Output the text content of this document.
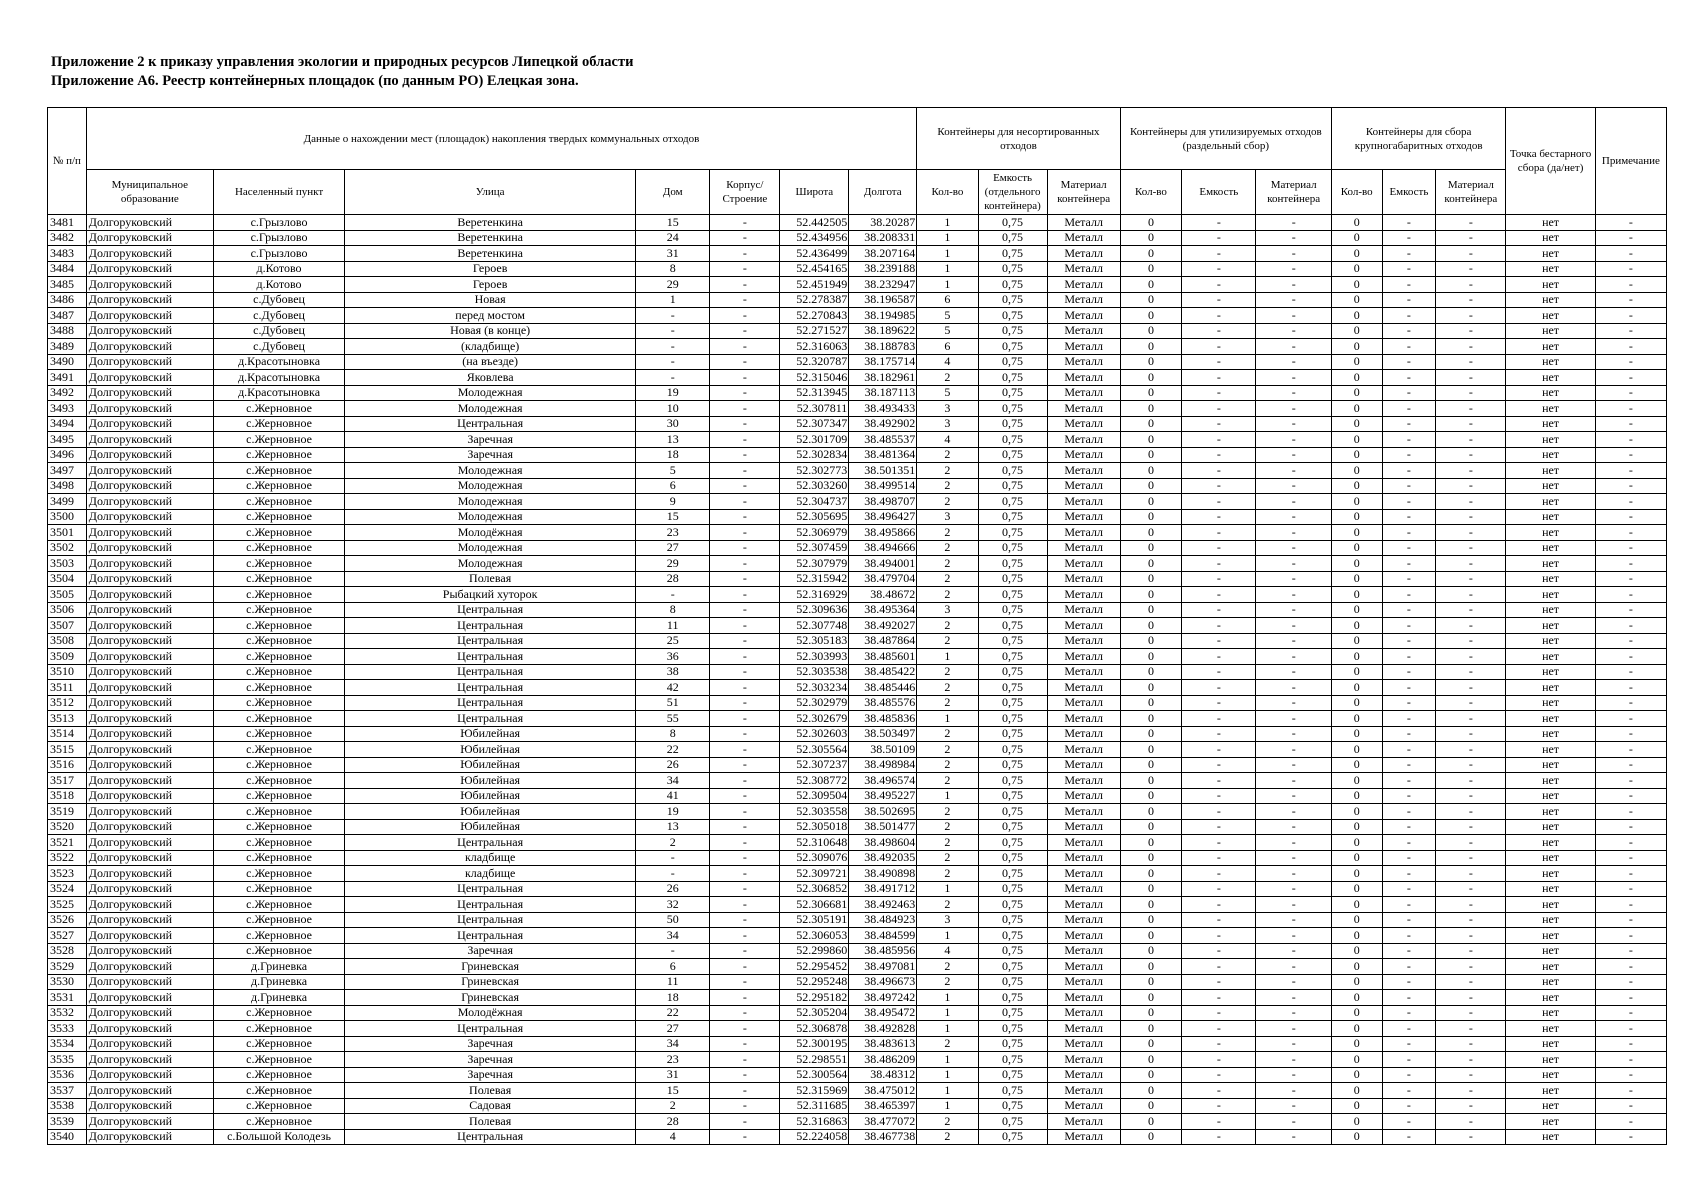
Приложение 2 к приказу управления экологии и природных ресурсов Липецкой области
Приложение А6. Реестр контейнерных площадок (по данным РО) Елецкая зона.
№ п/п	Данные о нахождении мест (площадок) накопления твердых коммунальных отходов							Контейнеры для несортированных отходов			Контейнеры для утилизируемых отходов (раздельный сбор)			Контейнеры для сбора крупногабаритных отходов			Точка бестарного сбора (да/нет)	Примечание
	Муниципальное образование	Населенный пункт	Улица	Дом	Корпус/ Строение	Широта	Долгота	Кол-во	Емкость (отдельного контейнера)	Материал контейнера	Кол-во	Емкость	Материал контейнера	Кол-во	Емкость	Материал контейнера		
3481	Долгоруковский	с.Грызлово	Веретенкина	15	-	52.442505	38.20287	1	0,75	Металл	0	-	-	0	-	-	нет	-
3482	Долгоруковский	с.Грызлово	Веретенкина	24	-	52.434956	38.208331	1	0,75	Металл	0	-	-	0	-	-	нет	-
3483	Долгоруковский	с.Грызлово	Веретенкина	31	-	52.436499	38.207164	1	0,75	Металл	0	-	-	0	-	-	нет	-
3484	Долгоруковский	д.Котово	Героев	8	-	52.454165	38.239188	1	0,75	Металл	0	-	-	0	-	-	нет	-
3485	Долгоруковский	д.Котово	Героев	29	-	52.451949	38.232947	1	0,75	Металл	0	-	-	0	-	-	нет	-
3486	Долгоруковский	с.Дубовец	Новая	1	-	52.278387	38.196587	6	0,75	Металл	0	-	-	0	-	-	нет	-
3487	Долгоруковский	с.Дубовец	перед мостом	-	-	52.270843	38.194985	5	0,75	Металл	0	-	-	0	-	-	нет	-
3488	Долгоруковский	с.Дубовец	Новая (в конце)	-	-	52.271527	38.189622	5	0,75	Металл	0	-	-	0	-	-	нет	-
3489	Долгоруковский	с.Дубовец	(кладбище)	-	-	52.316063	38.188783	6	0,75	Металл	0	-	-	0	-	-	нет	-
3490	Долгоруковский	д.Красотыновка	(на въезде)	-	-	52.320787	38.175714	4	0,75	Металл	0	-	-	0	-	-	нет	-
3491	Долгоруковский	д.Красотыновка	Яковлева	-	-	52.315046	38.182961	2	0,75	Металл	0	-	-	0	-	-	нет	-
3492	Долгоруковский	д.Красотыновка	Молодежная	19	-	52.313945	38.187113	5	0,75	Металл	0	-	-	0	-	-	нет	-
3493	Долгоруковский	с.Жерновное	Молодежная	10	-	52.307811	38.493433	3	0,75	Металл	0	-	-	0	-	-	нет	-
3494	Долгоруковский	с.Жерновное	Центральная	30	-	52.307347	38.492902	3	0,75	Металл	0	-	-	0	-	-	нет	-
3495	Долгоруковский	с.Жерновное	Заречная	13	-	52.301709	38.485537	4	0,75	Металл	0	-	-	0	-	-	нет	-
3496	Долгоруковский	с.Жерновное	Заречная	18	-	52.302834	38.481364	2	0,75	Металл	0	-	-	0	-	-	нет	-
3497	Долгоруковский	с.Жерновное	Молодежная	5	-	52.302773	38.501351	2	0,75	Металл	0	-	-	0	-	-	нет	-
3498	Долгоруковский	с.Жерновное	Молодежная	6	-	52.303260	38.499514	2	0,75	Металл	0	-	-	0	-	-	нет	-
3499	Долгоруковский	с.Жерновное	Молодежная	9	-	52.304737	38.498707	2	0,75	Металл	0	-	-	0	-	-	нет	-
3500	Долгоруковский	с.Жерновное	Молодежная	15	-	52.305695	38.496427	3	0,75	Металл	0	-	-	0	-	-	нет	-
3501	Долгоруковский	с.Жерновное	Молодёжная	23	-	52.306979	38.495866	2	0,75	Металл	0	-	-	0	-	-	нет	-
3502	Долгоруковский	с.Жерновное	Молодежная	27	-	52.307459	38.494666	2	0,75	Металл	0	-	-	0	-	-	нет	-
3503	Долгоруковский	с.Жерновное	Молодежная	29	-	52.307979	38.494001	2	0,75	Металл	0	-	-	0	-	-	нет	-
3504	Долгоруковский	с.Жерновное	Полевая	28	-	52.315942	38.479704	2	0,75	Металл	0	-	-	0	-	-	нет	-
3505	Долгоруковский	с.Жерновное	Рыбацкий хуторок	-	-	52.316929	38.48672	2	0,75	Металл	0	-	-	0	-	-	нет	-
3506	Долгоруковский	с.Жерновное	Центральная	8	-	52.309636	38.495364	3	0,75	Металл	0	-	-	0	-	-	нет	-
3507	Долгоруковский	с.Жерновное	Центральная	11	-	52.307748	38.492027	2	0,75	Металл	0	-	-	0	-	-	нет	-
3508	Долгоруковский	с.Жерновное	Центральная	25	-	52.305183	38.487864	2	0,75	Металл	0	-	-	0	-	-	нет	-
3509	Долгоруковский	с.Жерновное	Центральная	36	-	52.303993	38.485601	1	0,75	Металл	0	-	-	0	-	-	нет	-
3510	Долгоруковский	с.Жерновное	Центральная	38	-	52.303538	38.485422	2	0,75	Металл	0	-	-	0	-	-	нет	-
3511	Долгоруковский	с.Жерновное	Центральная	42	-	52.303234	38.485446	2	0,75	Металл	0	-	-	0	-	-	нет	-
3512	Долгоруковский	с.Жерновное	Центральная	51	-	52.302979	38.485576	2	0,75	Металл	0	-	-	0	-	-	нет	-
3513	Долгоруковский	с.Жерновное	Центральная	55	-	52.302679	38.485836	1	0,75	Металл	0	-	-	0	-	-	нет	-
3514	Долгоруковский	с.Жерновное	Юбилейная	8	-	52.302603	38.503497	2	0,75	Металл	0	-	-	0	-	-	нет	-
3515	Долгоруковский	с.Жерновное	Юбилейная	22	-	52.305564	38.50109	2	0,75	Металл	0	-	-	0	-	-	нет	-
3516	Долгоруковский	с.Жерновное	Юбилейная	26	-	52.307237	38.498984	2	0,75	Металл	0	-	-	0	-	-	нет	-
3517	Долгоруковский	с.Жерновное	Юбилейная	34	-	52.308772	38.496574	2	0,75	Металл	0	-	-	0	-	-	нет	-
3518	Долгоруковский	с.Жерновное	Юбилейная	41	-	52.309504	38.495227	1	0,75	Металл	0	-	-	0	-	-	нет	-
3519	Долгоруковский	с.Жерновное	Юбилейная	19	-	52.303558	38.502695	2	0,75	Металл	0	-	-	0	-	-	нет	-
3520	Долгоруковский	с.Жерновное	Юбилейная	13	-	52.305018	38.501477	2	0,75	Металл	0	-	-	0	-	-	нет	-
3521	Долгоруковский	с.Жерновное	Центральная	2	-	52.310648	38.498604	2	0,75	Металл	0	-	-	0	-	-	нет	-
3522	Долгоруковский	с.Жерновное	кладбище	-	-	52.309076	38.492035	2	0,75	Металл	0	-	-	0	-	-	нет	-
3523	Долгоруковский	с.Жерновное	кладбище	-	-	52.309721	38.490898	2	0,75	Металл	0	-	-	0	-	-	нет	-
3524	Долгоруковский	с.Жерновное	Центральная	26	-	52.306852	38.491712	1	0,75	Металл	0	-	-	0	-	-	нет	-
3525	Долгоруковский	с.Жерновное	Центральная	32	-	52.306681	38.492463	2	0,75	Металл	0	-	-	0	-	-	нет	-
3526	Долгоруковский	с.Жерновное	Центральная	50	-	52.305191	38.484923	3	0,75	Металл	0	-	-	0	-	-	нет	-
3527	Долгоруковский	с.Жерновное	Центральная	34	-	52.306053	38.484599	1	0,75	Металл	0	-	-	0	-	-	нет	-
3528	Долгоруковский	с.Жерновное	Заречная	-	-	52.299860	38.485956	4	0,75	Металл	0	-	-	0	-	-	нет	-
3529	Долгоруковский	д.Гриневка	Гриневская	6	-	52.295452	38.497081	2	0,75	Металл	0	-	-	0	-	-	нет	-
3530	Долгоруковский	д.Гриневка	Гриневская	11	-	52.295248	38.496673	2	0,75	Металл	0	-	-	0	-	-	нет	-
3531	Долгоруковский	д.Гриневка	Гриневская	18	-	52.295182	38.497242	1	0,75	Металл	0	-	-	0	-	-	нет	-
3532	Долгоруковский	с.Жерновное	Молодёжная	22	-	52.305204	38.495472	1	0,75	Металл	0	-	-	0	-	-	нет	-
3533	Долгоруковский	с.Жерновное	Центральная	27	-	52.306878	38.492828	1	0,75	Металл	0	-	-	0	-	-	нет	-
3534	Долгоруковский	с.Жерновное	Заречная	34	-	52.300195	38.483613	2	0,75	Металл	0	-	-	0	-	-	нет	-
3535	Долгоруковский	с.Жерновное	Заречная	23	-	52.298551	38.486209	1	0,75	Металл	0	-	-	0	-	-	нет	-
3536	Долгоруковский	с.Жерновное	Заречная	31	-	52.300564	38.48312	1	0,75	Металл	0	-	-	0	-	-	нет	-
3537	Долгоруковский	с.Жерновное	Полевая	15	-	52.315969	38.475012	1	0,75	Металл	0	-	-	0	-	-	нет	-
3538	Долгоруковский	с.Жерновное	Садовая	2	-	52.311685	38.465397	1	0,75	Металл	0	-	-	0	-	-	нет	-
3539	Долгоруковский	с.Жерновное	Полевая	28	-	52.316863	38.477072	2	0,75	Металл	0	-	-	0	-	-	нет	-
3540	Долгоруковский	с.Большой Колодезь	Центральная	4	-	52.224058	38.467738	2	0,75	Металл	0	-	-	0	-	-	нет	-
